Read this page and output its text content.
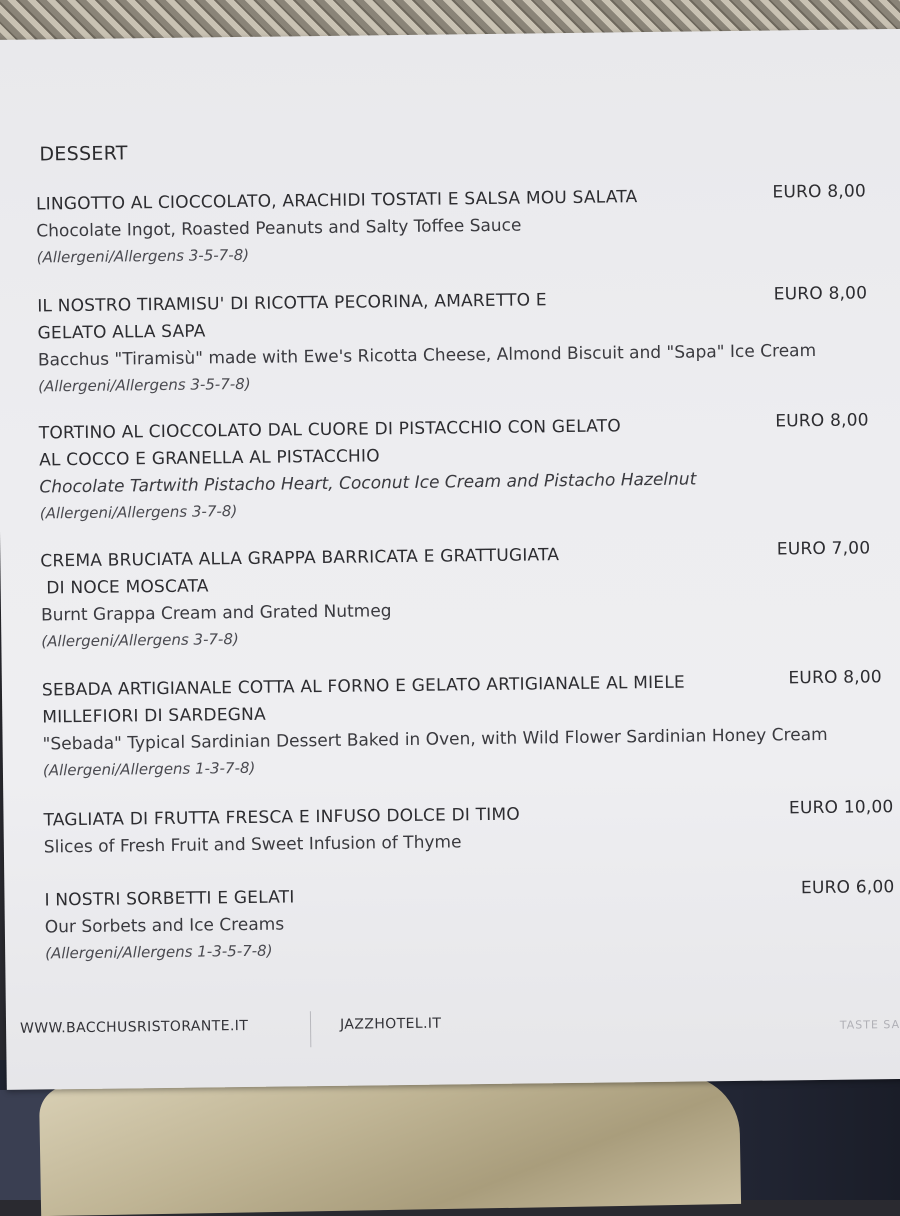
DESSERT
LINGOTTO AL CIOCCOLATO, ARACHIDI TOSTATI E SALSA MOU SALATA
Chocolate Ingot, Roasted Peanuts and Salty Toffee Sauce
(Allergeni/Allergens 3-5-7-8)
EURO 8,00
IL NOSTRO TIRAMISU' DI RICOTTA PECORINA, AMARETTO E
GELATO ALLA SAPA
Bacchus "Tiramisù" made with Ewe's Ricotta Cheese, Almond Biscuit and "Sapa" Ice Cream
(Allergeni/Allergens 3-5-7-8)
EURO 8,00
TORTINO AL CIOCCOLATO DAL CUORE DI PISTACCHIO CON GELATO
AL COCCO E GRANELLA AL PISTACCHIO
Chocolate Tartwith Pistacho Heart, Coconut Ice Cream and Pistacho Hazelnut
(Allergeni/Allergens 3-7-8)
EURO 8,00
CREMA BRUCIATA ALLA GRAPPA BARRICATA E GRATTUGIATA
DI NOCE MOSCATA
Burnt Grappa Cream and Grated Nutmeg
(Allergeni/Allergens 3-7-8)
EURO 7,00
SEBADA ARTIGIANALE COTTA AL FORNO E GELATO ARTIGIANALE AL MIELE
MILLEFIORI DI SARDEGNA
"Sebada" Typical Sardinian Dessert Baked in Oven, with Wild Flower Sardinian Honey Cream
(Allergeni/Allergens 1-3-7-8)
EURO 8,00
TAGLIATA DI FRUTTA FRESCA E INFUSO DOLCE DI TIMO
Slices of Fresh Fruit and Sweet Infusion of Thyme
EURO 10,00
I NOSTRI SORBETTI E GELATI
Our Sorbets and Ice Creams
(Allergeni/Allergens 1-3-5-7-8)
EURO 6,00
WWW.BACCHUSRISTORANTE.IT	JAZZHOTEL.IT	TASTE SA
